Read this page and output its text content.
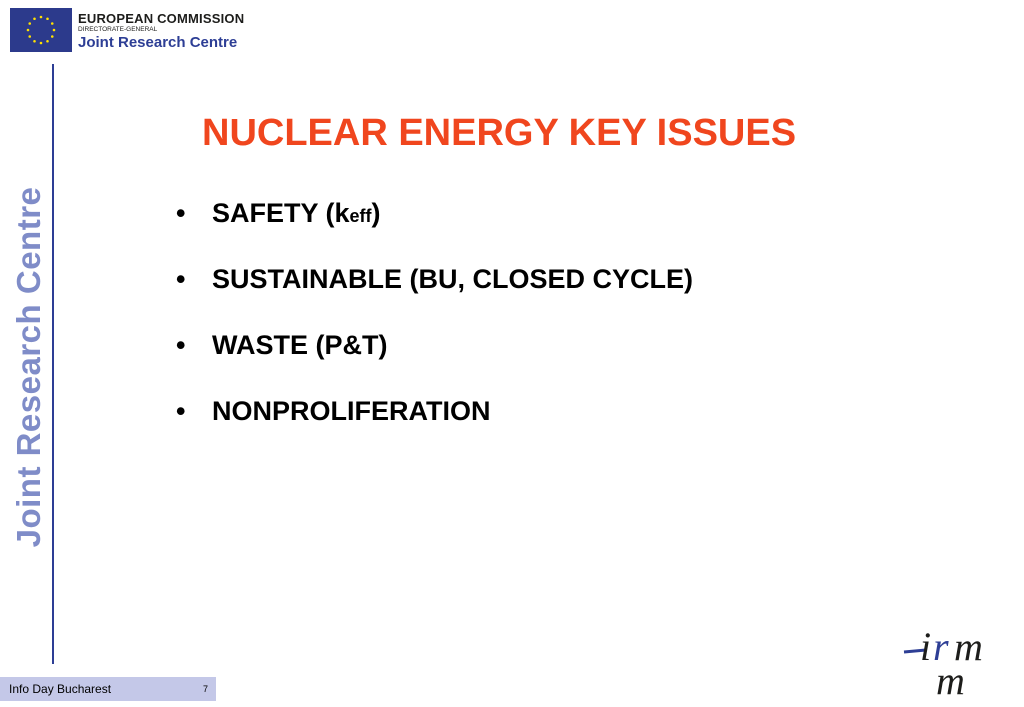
EUROPEAN COMMISSION
DIRECTORATE-GENERAL
Joint Research Centre
Joint Research Centre
NUCLEAR ENERGY KEY ISSUES
• SAFETY (k eff )
• SUSTAINABLE (BU, CLOSED CYCLE)
• WASTE (P&T)
• NONPROLIFERATION
Info Day Bucharest	7
i r m
m
